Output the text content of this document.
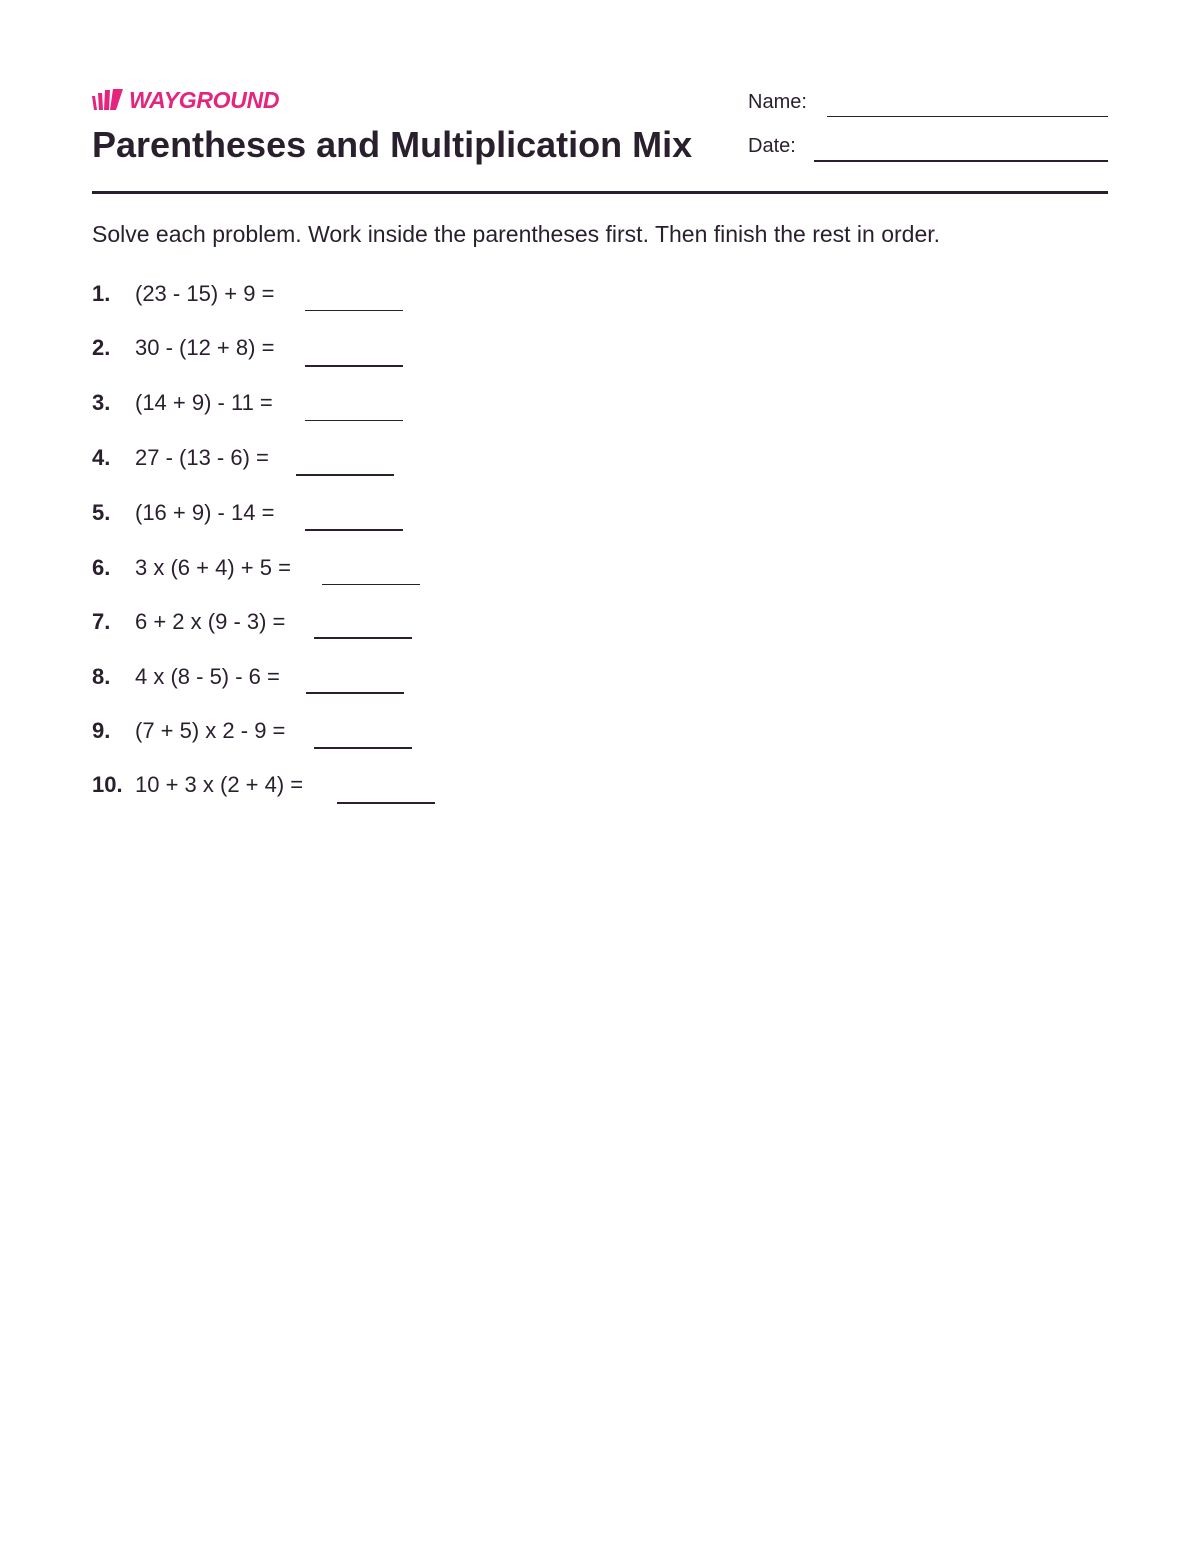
WAYGROUND
Parentheses and Multiplication Mix
Name:
Date:
Solve each problem. Work inside the parentheses first. Then finish the rest in order.
1. (23 - 15) + 9 =
2. 30 - (12 + 8) =
3. (14 + 9) - 11 =
4. 27 - (13 - 6) =
5. (16 + 9) - 14 =
6. 3 x (6 + 4) + 5 =
7. 6 + 2 x (9 - 3) =
8. 4 x (8 - 5) - 6 =
9. (7 + 5) x 2 - 9 =
10. 10 + 3 x (2 + 4) =
